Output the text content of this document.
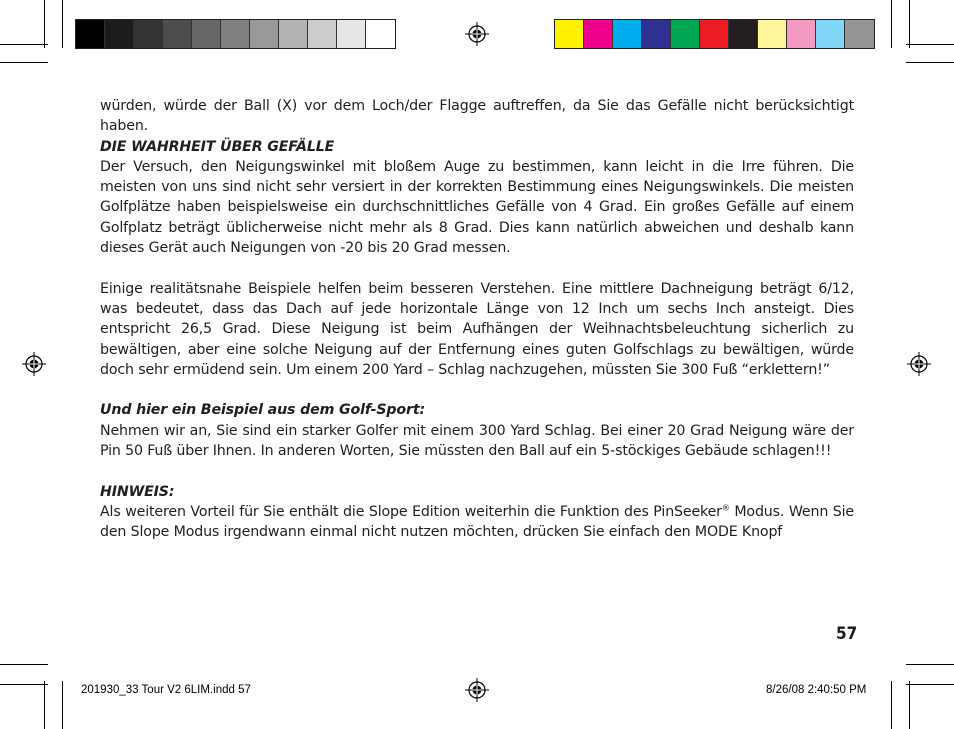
würden, würde der Ball (X) vor dem Loch/der Flagge auftreffen, da Sie das Gefälle nicht berücksichtigt haben.

DIE WAHRHEIT ÜBER GEFÄLLE

Der Versuch, den Neigungswinkel mit bloßem Auge zu bestimmen, kann leicht in die Irre führen. Die meisten von uns sind nicht sehr versiert in der korrekten Bestimmung eines Neigungswinkels. Die meisten Golfplätze haben beispielsweise ein durchschnittliches Gefälle von 4 Grad. Ein großes Gefälle auf einem Golfplatz beträgt üblicherweise nicht mehr als 8 Grad. Dies kann natürlich abweichen und deshalb kann dieses Gerät auch Neigungen von -20 bis 20 Grad messen.

Einige realitätsnahe Beispiele helfen beim besseren Verstehen. Eine mittlere Dachneigung beträgt 6/12, was bedeutet, dass das Dach auf jede horizontale Länge von 12 Inch um sechs Inch ansteigt. Dies entspricht 26,5 Grad. Diese Neigung ist beim Aufhängen der Weihnachtsbeleuchtung sicherlich zu bewältigen, aber eine solche Neigung auf der Entfernung eines guten Golfschlags zu bewältigen, würde doch sehr ermüdend sein. Um einem 200 Yard – Schlag nachzugehen, müssten Sie 300 Fuß “erklettern!”

Und hier ein Beispiel aus dem Golf-Sport:

Nehmen wir an, Sie sind ein starker Golfer mit einem 300 Yard Schlag. Bei einer 20 Grad Neigung wäre der Pin 50 Fuß über Ihnen. In anderen Worten, Sie müssten den Ball auf ein 5-stöckiges Gebäude schlagen!!!

HINWEIS:

Als weiteren Vorteil für Sie enthält die Slope Edition weiterhin die Funktion des PinSeeker® Modus. Wenn Sie den Slope Modus irgendwann einmal nicht nutzen möchten, drücken Sie einfach den MODE Knopf

57
201930_33 Tour V2 6LIM.indd 57	8/26/08 2:40:50 PM
